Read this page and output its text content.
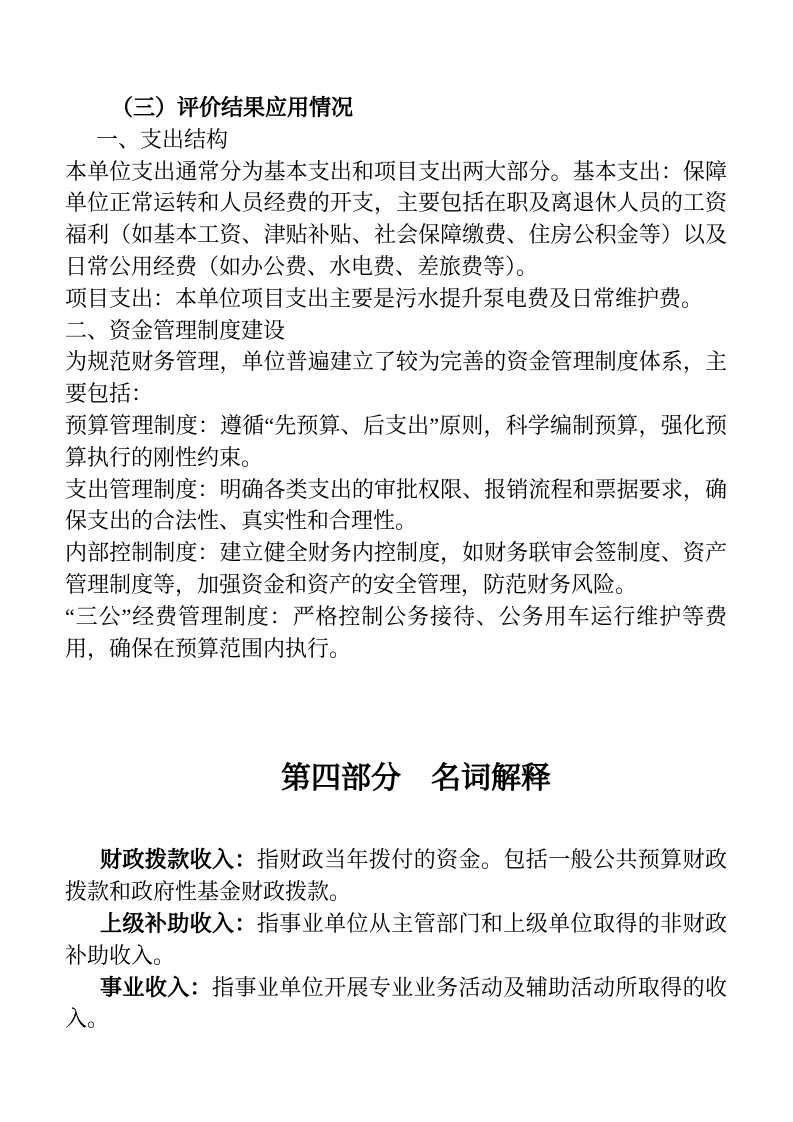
（三）评价结果应用情况

一、支出结构

本单位支出通常分为基本支出和项目支出两大部分。基本支出：保障单位正常运转和人员经费的开支，主要包括在职及离退休人员的工资福利（如基本工资、津贴补贴、社会保障缴费、住房公积金等）以及日常公用经费（如办公费、水电费、差旅费等）。

项目支出：本单位项目支出主要是污水提升泵电费及日常维护费。

二、资金管理制度建设

为规范财务管理，单位普遍建立了较为完善的资金管理制度体系，主要包括：

预算管理制度：遵循“先预算、后支出”原则，科学编制预算，强化预算执行的刚性约束。

支出管理制度：明确各类支出的审批权限、报销流程和票据要求，确保支出的合法性、真实性和合理性。

内部控制制度：建立健全财务内控制度，如财务联审会签制度、资产管理制度等，加强资金和资产的安全管理，防范财务风险。

“三公”经费管理制度：严格控制公务接待、公务用车运行维护等费用，确保在预算范围内执行。

第四部分　名词解释

财政拨款收入：指财政当年拨付的资金。包括一般公共预算财政拨款和政府性基金财政拨款。

上级补助收入：指事业单位从主管部门和上级单位取得的非财政补助收入。

事业收入：指事业单位开展专业业务活动及辅助活动所取得的收入。
